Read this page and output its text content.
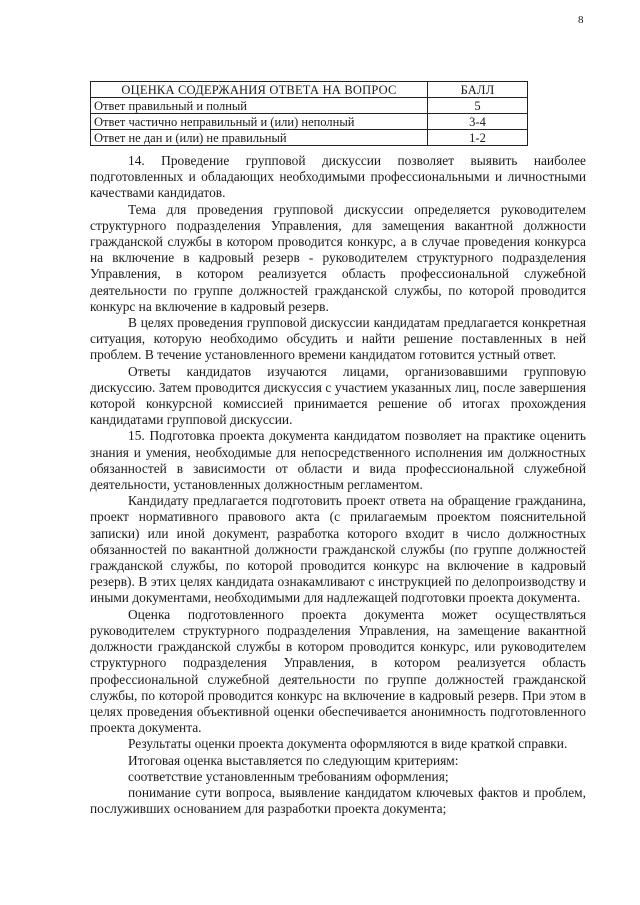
8
ОЦЕНКА СОДЕРЖАНИЯ ОТВЕТА НА ВОПРОС	БАЛЛ
Ответ правильный и полный	5
Ответ частично неправильный и (или) неполный	3-4
Ответ не дан и (или) не правильный	1-2

14. Проведение групповой дискуссии позволяет выявить наиболее подготовленных и обладающих необходимыми профессиональными и личностными качествами кандидатов.

Тема для проведения групповой дискуссии определяется руководителем структурного подразделения Управления, для замещения вакантной должности гражданской службы в котором проводится конкурс, а в случае проведения конкурса на включение в кадровый резерв - руководителем структурного подразделения Управления, в котором реализуется область профессиональной служебной деятельности по группе должностей гражданской службы, по которой проводится конкурс на включение в кадровый резерв.

В целях проведения групповой дискуссии кандидатам предлагается конкретная ситуация, которую необходимо обсудить и найти решение поставленных в ней проблем. В течение установленного времени кандидатом готовится устный ответ.

Ответы кандидатов изучаются лицами, организовавшими групповую дискуссию. Затем проводится дискуссия с участием указанных лиц, после завершения которой конкурсной комиссией принимается решение об итогах прохождения кандидатами групповой дискуссии.

15. Подготовка проекта документа кандидатом позволяет на практике оценить знания и умения, необходимые для непосредственного исполнения им должностных обязанностей в зависимости от области и вида профессиональной служебной деятельности, установленных должностным регламентом.

Кандидату предлагается подготовить проект ответа на обращение гражданина, проект нормативного правового акта (с прилагаемым проектом пояснительной записки) или иной документ, разработка которого входит в число должностных обязанностей по вакантной должности гражданской службы (по группе должностей гражданской службы, по которой проводится конкурс на включение в кадровый резерв). В этих целях кандидата ознакамливают с инструкцией по делопроизводству и иными документами, необходимыми для надлежащей подготовки проекта документа.

Оценка подготовленного проекта документа может осуществляться руководителем структурного подразделения Управления, на замещение вакантной должности гражданской службы в котором проводится конкурс, или руководителем структурного подразделения Управления, в котором реализуется область профессиональной служебной деятельности по группе должностей гражданской службы, по которой проводится конкурс на включение в кадровый резерв. При этом в целях проведения объективной оценки обеспечивается анонимность подготовленного проекта документа.

Результаты оценки проекта документа оформляются в виде краткой справки.

Итоговая оценка выставляется по следующим критериям:

соответствие установленным требованиям оформления;

понимание сути вопроса, выявление кандидатом ключевых фактов и проблем, послуживших основанием для разработки проекта документа;
